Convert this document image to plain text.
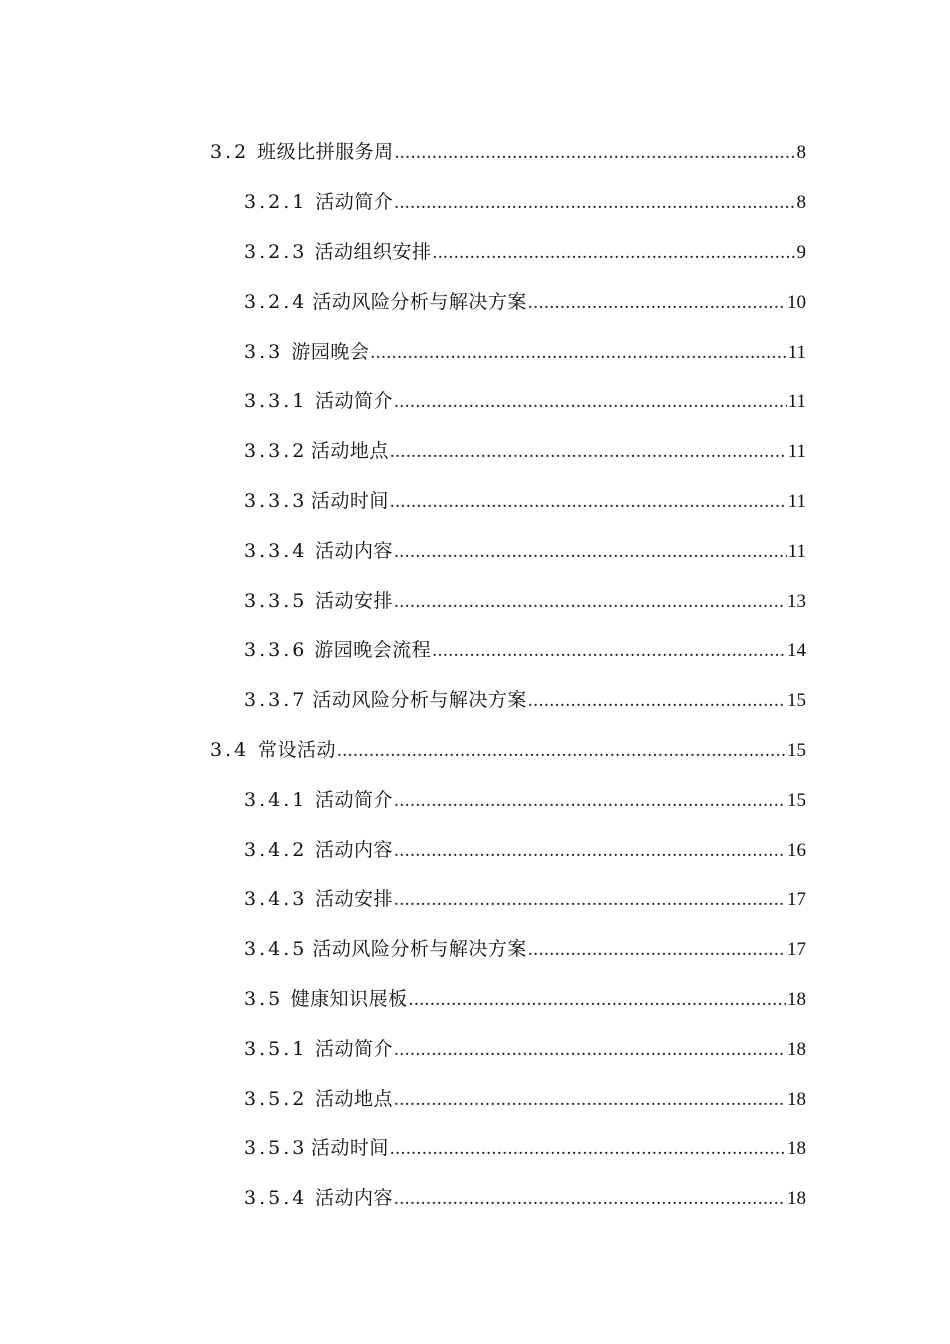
3.2 班级比拼服务周 .....	8
3.2.1 活动简介 .....	8
3.2.3 活动组织安排 .....	9
3.2.4 活动风险分析与解决方案 .....	10
3.3 游园晚会 .....	11
3.3.1 活动简介 .....	11
3.3.2 活动地点 .....	11
3.3.3 活动时间 .....	11
3.3.4 活动内容 .....	11
3.3.5 活动安排 .....	13
3.3.6 游园晚会流程 .....	14
3.3.7 活动风险分析与解决方案 .....	15
3.4 常设活动 .....	15
3.4.1 活动简介 .....	15
3.4.2 活动内容 .....	16
3.4.3 活动安排 .....	17
3.4.5 活动风险分析与解决方案 .....	17
3.5 健康知识展板 .....	18
3.5.1 活动简介 .....	18
3.5.2 活动地点 .....	18
3.5.3 活动时间 .....	18
3.5.4 活动内容 .....	18
